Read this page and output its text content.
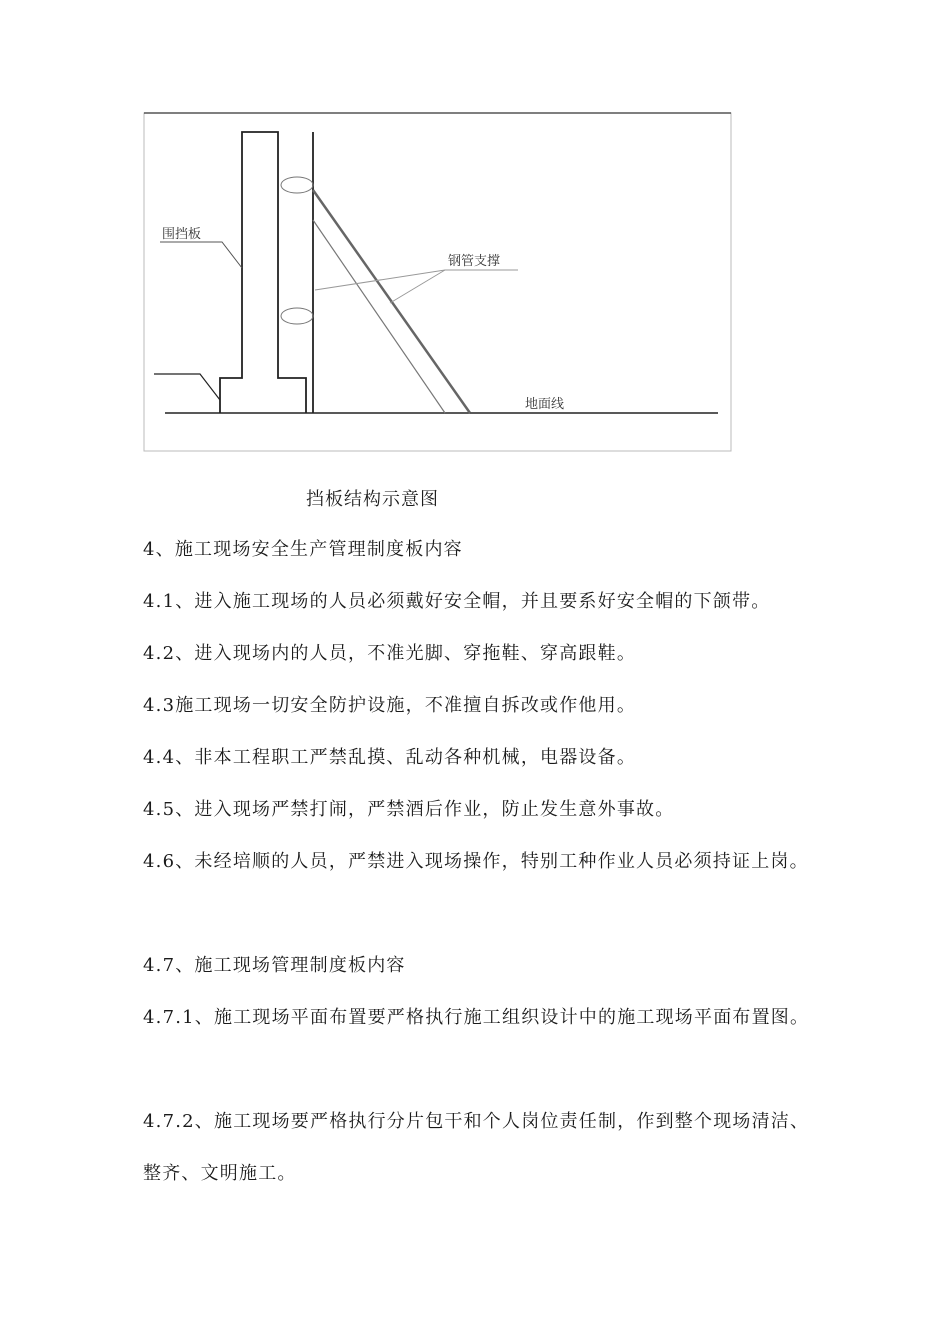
围挡板
钢管支撑
地面线
挡板结构示意图

4、施工现场安全生产管理制度板内容

4.1、进入施工现场的人员必须戴好安全帽，并且要系好安全帽的下颌带。

4.2、进入现场内的人员，不准光脚、穿拖鞋、穿高跟鞋。

4.3施工现场一切安全防护设施，不准擅自拆改或作他用。

4.4、非本工程职工严禁乱摸、乱动各种机械，电器设备。

4.5、进入现场严禁打闹，严禁酒后作业，防止发生意外事故。

4.6、未经培顺的人员，严禁进入现场操作，特别工种作业人员必须持证上岗。

4.7、施工现场管理制度板内容

4.7.1、施工现场平面布置要严格执行施工组织设计中的施工现场平面布置图。

4.7.2、施工现场要严格执行分片包干和个人岗位责任制，作到整个现场清洁、整齐、文明施工。
